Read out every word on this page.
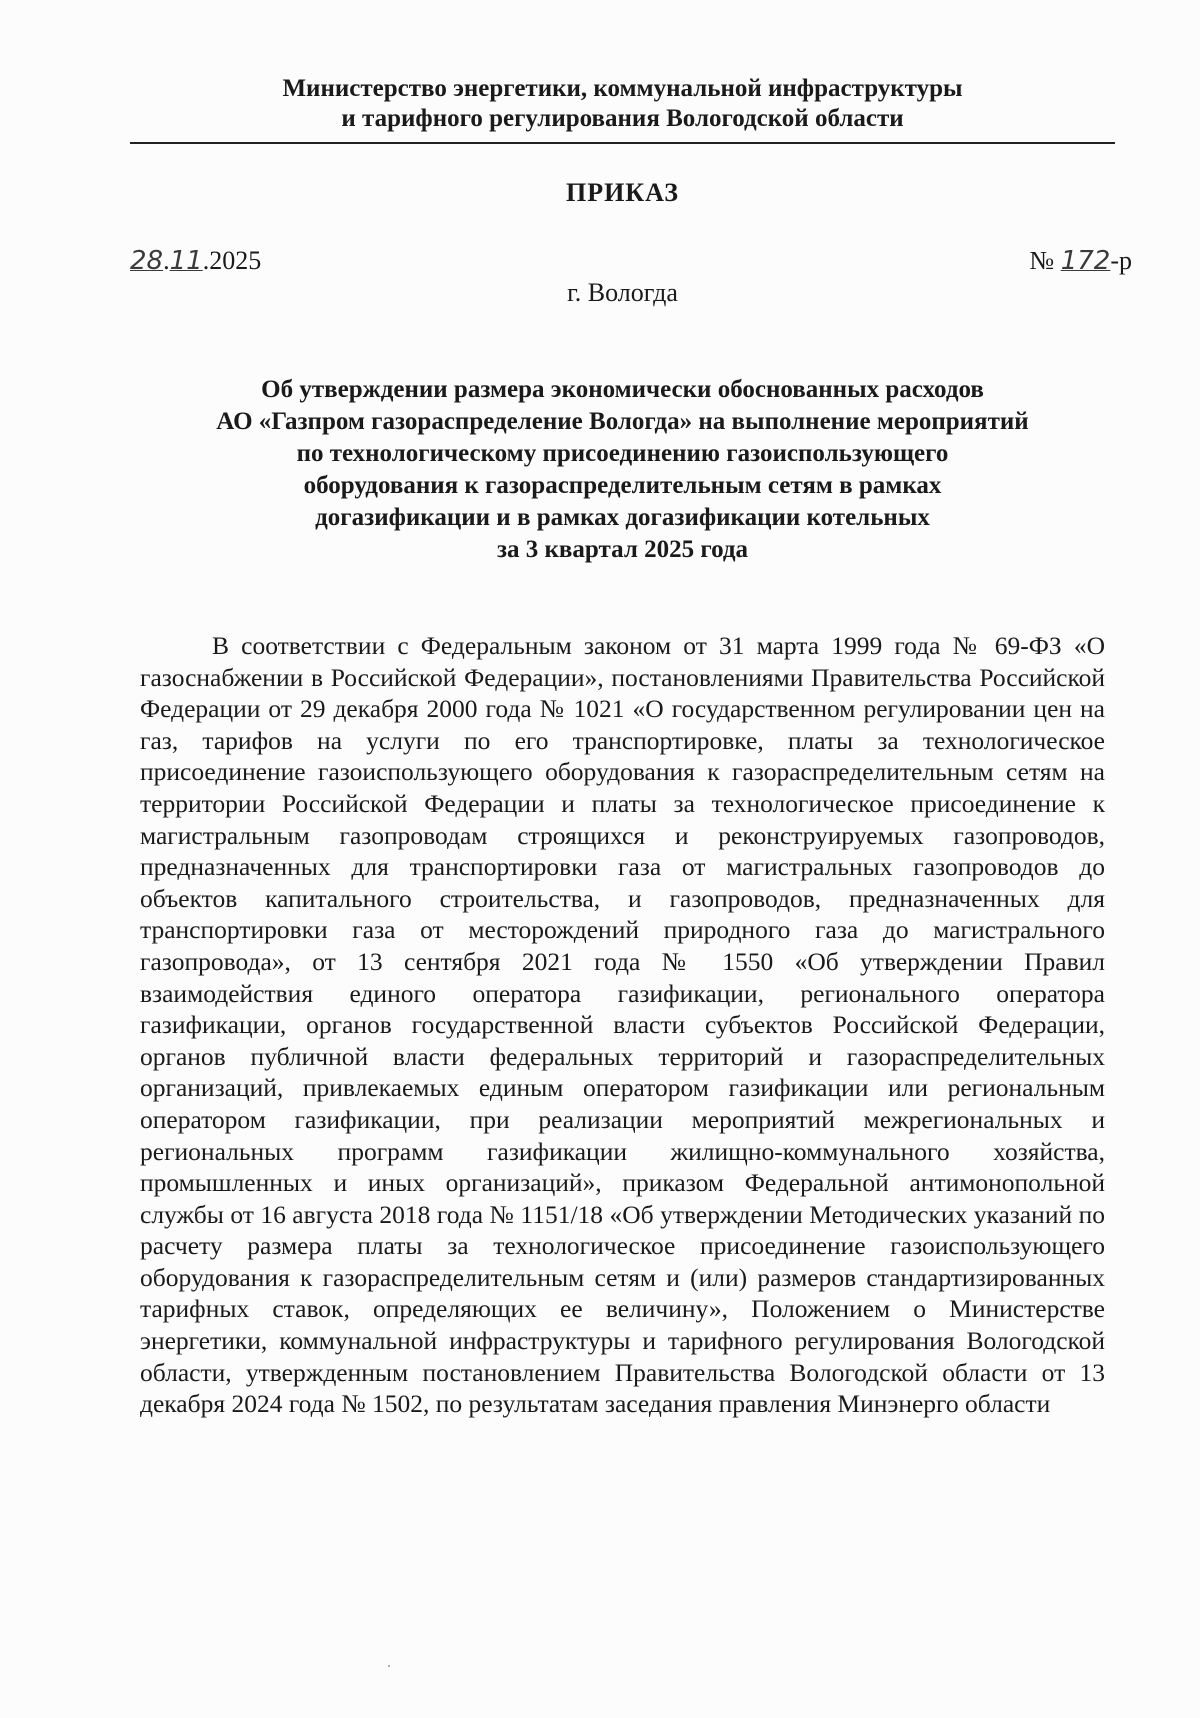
Министерство энергетики, коммунальной инфраструктуры
и тарифного регулирования Вологодской области
ПРИКАЗ
28.11.2025	№ 172-р
г. Вологда
Об утверждении размера экономически обоснованных расходов
АО «Газпром газораспределение Вологда» на выполнение мероприятий
по технологическому присоединению газоиспользующего
оборудования к газораспределительным сетям в рамках
догазификации и в рамках догазификации котельных
за 3 квартал 2025 года
В соответствии с Федеральным законом от 31 марта 1999 года № 69-ФЗ «О газоснабжении в Российской Федерации», постановлениями Правительства Российской Федерации от 29 декабря 2000 года № 1021 «О государственном регулировании цен на газ, тарифов на услуги по его транспортировке, платы за технологическое присоединение газоиспользующего оборудования к газораспределительным сетям на территории Российской Федерации и платы за технологическое присоединение к магистральным газопроводам строящихся и реконструируемых газопроводов, предназначенных для транспортировки газа от магистральных газопроводов до объектов капитального строительства, и газопроводов, предназначенных для транспортировки газа от месторождений природного газа до магистрального газопровода», от 13 сентября 2021 года № 1550 «Об утверждении Правил взаимодействия единого оператора газификации, регионального оператора газификации, органов государственной власти субъектов Российской Федерации, органов публичной власти федеральных территорий и газораспределительных организаций, привлекаемых единым оператором газификации или региональным оператором газификации, при реализации мероприятий межрегиональных и региональных программ газификации жилищно-коммунального хозяйства, промышленных и иных организаций», приказом Федеральной антимонопольной службы от 16 августа 2018 года № 1151/18 «Об утверждении Методических указаний по расчету размера платы за технологическое присоединение газоиспользующего оборудования к газораспределительным сетям и (или) размеров стандартизированных тарифных ставок, определяющих ее величину», Положением о Министерстве энергетики, коммунальной инфраструктуры и тарифного регулирования Вологодской области, утвержденным постановлением Правительства Вологодской области от 13 декабря 2024 года № 1502, по результатам заседания правления Минэнерго области
